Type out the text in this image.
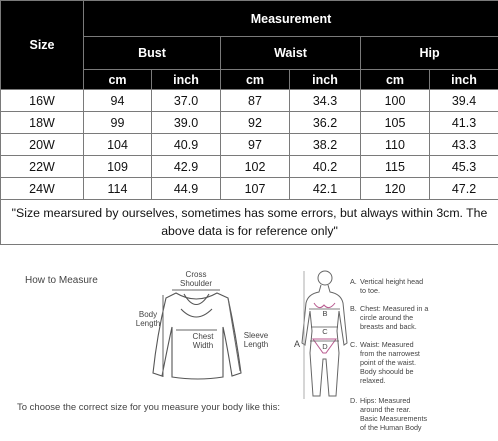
Size	Measurement					
	Bust		Waist		Hip	
	cm	inch	cm	inch	cm	inch
16W	94	37.0	87	34.3	100	39.4
18W	99	39.0	92	36.2	105	41.3
20W	104	40.9	97	38.2	110	43.3
22W	109	42.9	102	40.2	115	45.3
24W	114	44.9	107	42.1	120	47.2
"Size mearsured by ourselves, sometimes has some errors, but always within 3cm. The above data is for reference only"						
How to Measure
Cross
Shoulder
Body
Length
Chest
Width
Sleeve
Length
To choose the correct size for you measure your body like this:
A
B
C
D
A. Vertical height head
to toe.
B. Chest: Measured in a
circle around the
breasts and back.
C. Waist: Measured
from the narrowest
point of the waist.
Body shoould be
relaxed.
D. Hips: Measured
around the rear.
Basic Measurements
of the Human Body
